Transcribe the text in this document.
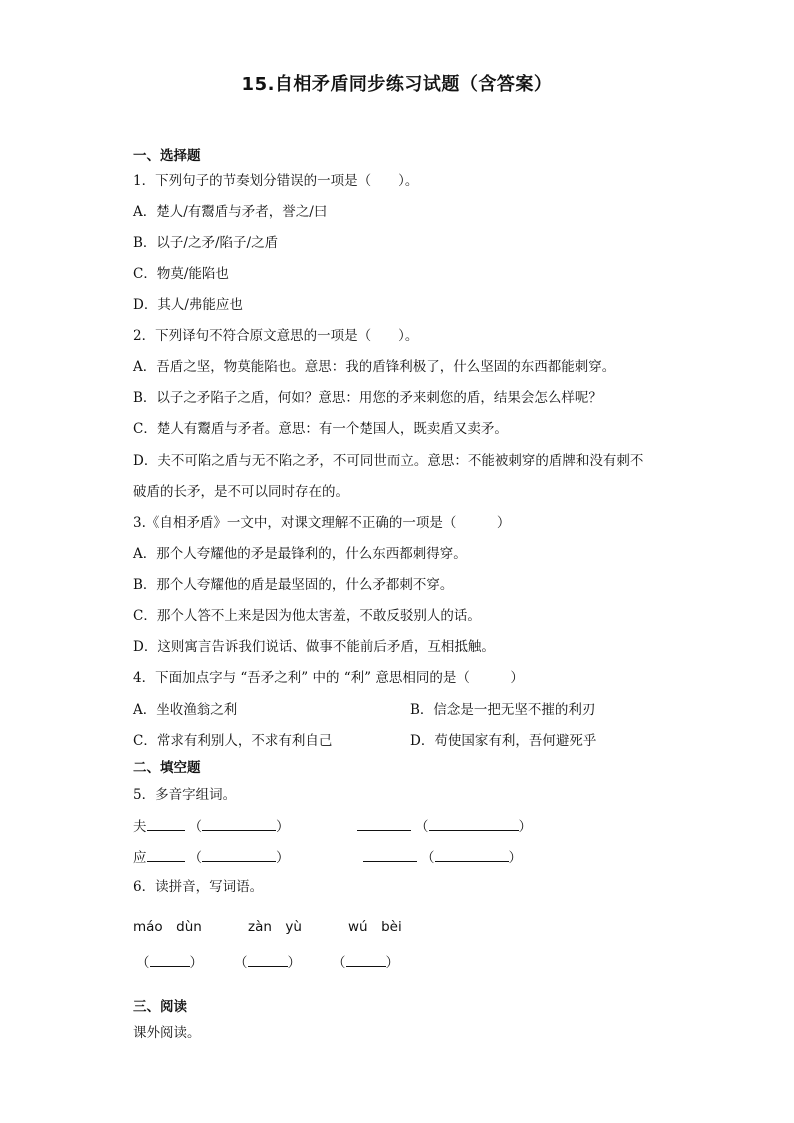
15.自相矛盾同步练习试题（含答案）
一、选择题
1．下列句子的节奏划分错误的一项是（　　）。
A．楚人/有鬻盾与矛者，誉之/曰
B．以子/之矛/陷子/之盾
C．物莫/能陷也
D．其人/弗能应也
2．下列译句不符合原文意思的一项是（　　）。
A．吾盾之坚，物莫能陷也。意思：我的盾锋利极了，什么坚固的东西都能刺穿。
B．以子之矛陷子之盾，何如？意思：用您的矛来刺您的盾，结果会怎么样呢？
C．楚人有鬻盾与矛者。意思：有一个楚国人，既卖盾又卖矛。
D．夫不可陷之盾与无不陷之矛，不可同世而立。意思：不能被刺穿的盾牌和没有刺不
破盾的长矛，是不可以同时存在的。
3.《自相矛盾》一文中，对课文理解不正确的一项是（　　　）
A．那个人夸耀他的矛是最锋利的，什么东西都刺得穿。
B．那个人夸耀他的盾是最坚固的，什么矛都刺不穿。
C．那个人答不上来是因为他太害羞，不敢反驳别人的话。
D．这则寓言告诉我们说话、做事不能前后矛盾，互相抵触。
4．下面加点字与 “吾矛之利” 中的 “利” 意思相同的是（　　　）
A．坐收渔翁之利	B．信念是一把无坚不摧的利刃
C．常求有利别人，不求有利自己	D．苟使国家有利，吾何避死乎
二、填空题
5．多音字组词。
夫	（	）	（	）
应	（	）	（	）
6．读拼音，写词语。
máo　dùn	zàn　yù	wú　bèi
（	） （	） （	）
三、阅读
课外阅读。
